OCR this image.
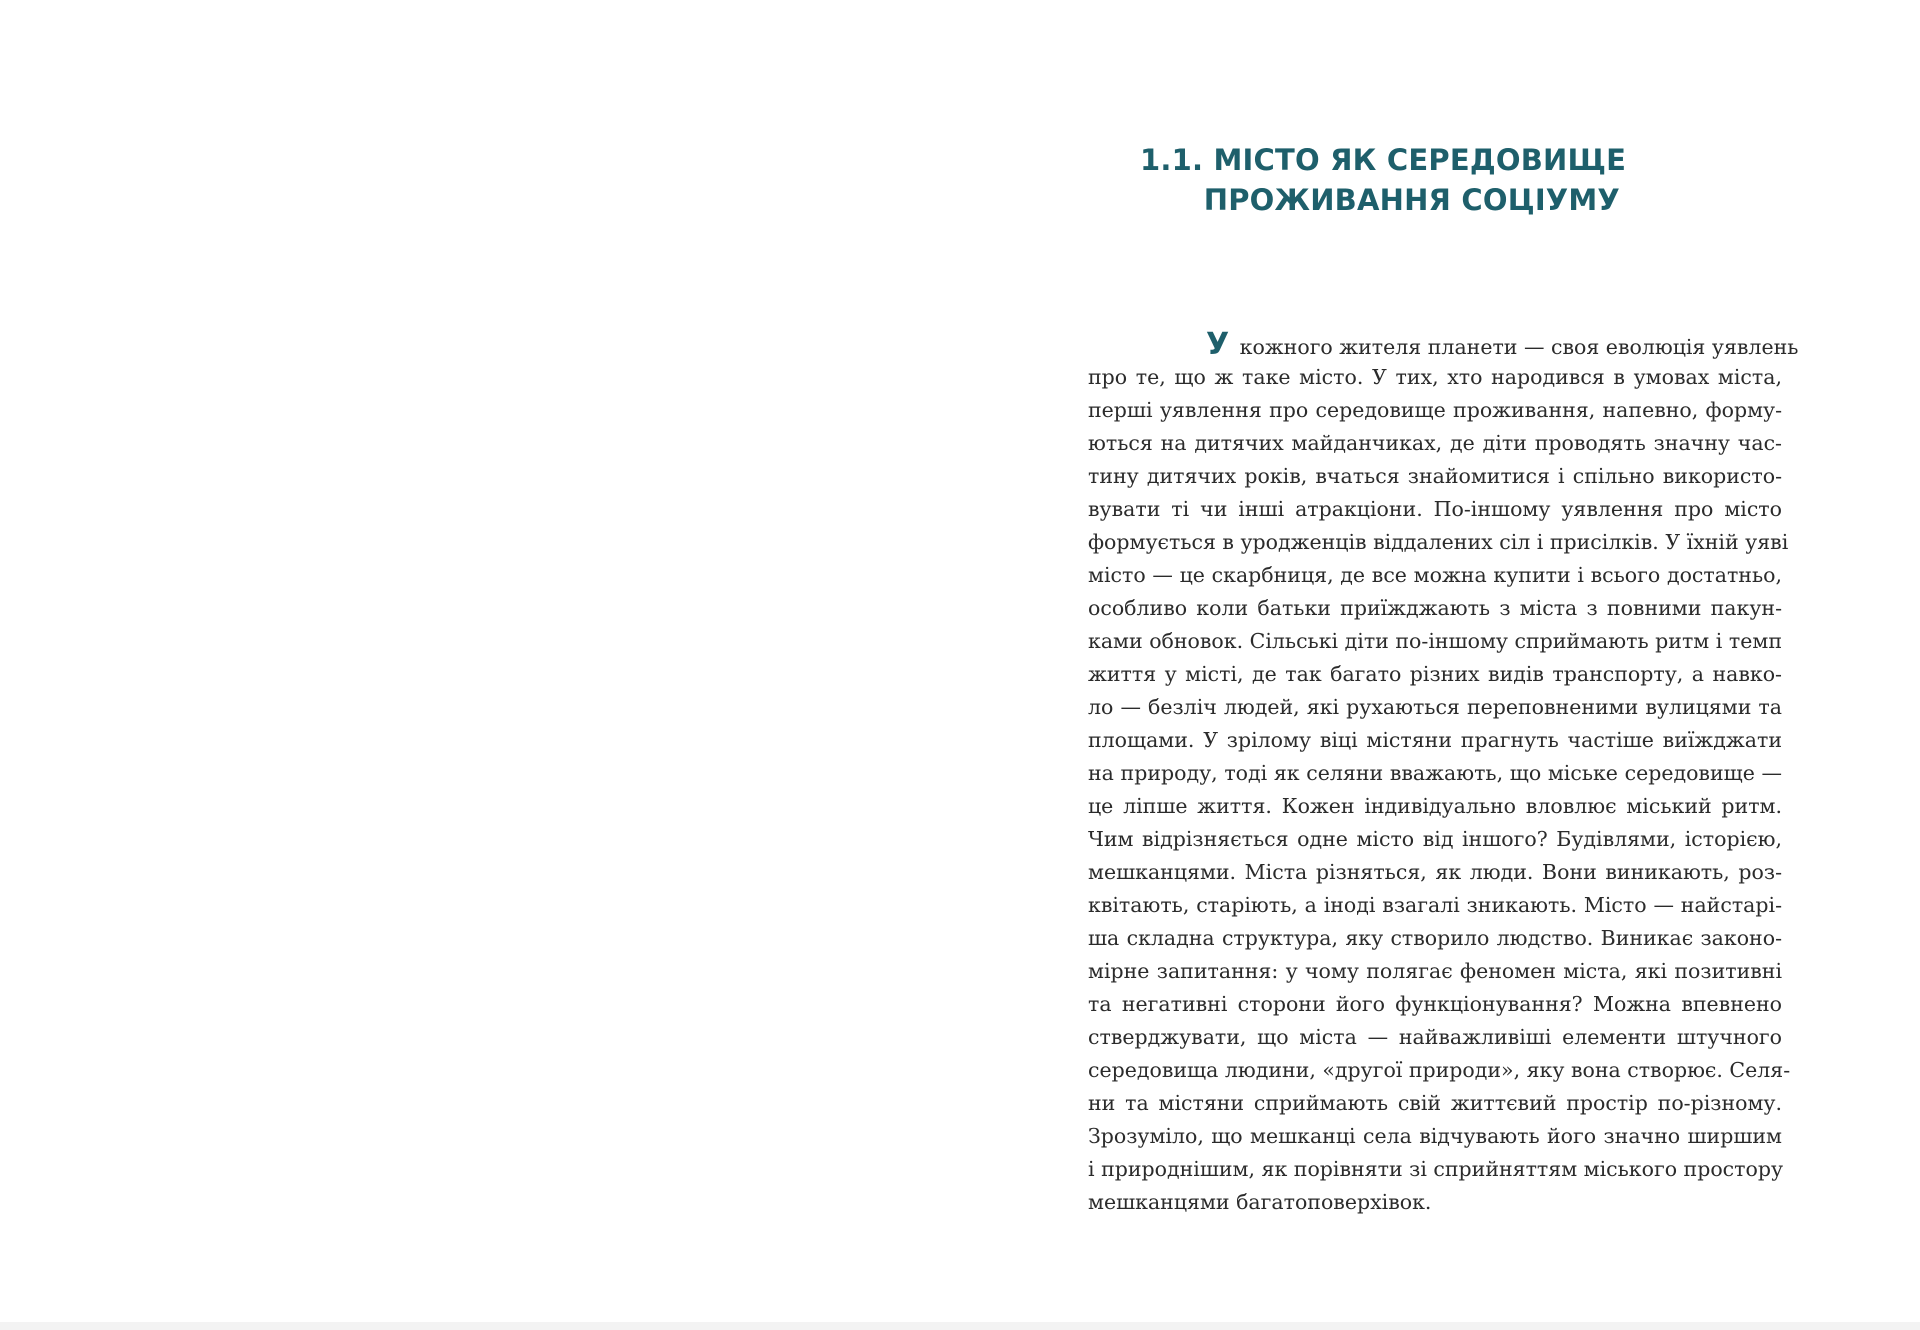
1.1. МІСТО ЯК СЕРЕДОВИЩЕ
ПРОЖИВАННЯ СОЦІУМУ
У кожного жителя планети — своя еволюція уявлень
про те, що ж таке місто. У тих, хто народився в умовах міста,
перші уявлення про середовище проживання, напевно, форму-
ються на дитячих майданчиках, де діти проводять значну час-
тину дитячих років, вчаться знайомитися і спільно використо-
вувати ті чи інші атракціони. По-іншому уявлення про місто
формується в уродженців віддалених сіл і присілків. У їхній уяві
місто — це скарбниця, де все можна купити і всього достатньо,
особливо коли батьки приїжджають з міста з повними пакун-
ками обновок. Сільські діти по-іншому сприймають ритм і темп
життя у місті, де так багато різних видів транспорту, а навко-
ло — безліч людей, які рухаються переповненими вулицями та
площами. У зрілому віці містяни прагнуть частіше виїжджати
на природу, тоді як селяни вважають, що міське середовище —
це ліпше життя. Кожен індивідуально вловлює міський ритм.
Чим відрізняється одне місто від іншого? Будівлями, історією,
мешканцями. Міста різняться, як люди. Вони виникають, роз-
квітають, старіють, а іноді взагалі зникають. Місто — найстарі-
ша складна структура, яку створило людство. Виникає законо-
мірне запитання: у чому полягає феномен міста, які позитивні
та негативні сторони його функціонування? Можна впевнено
стверджувати, що міста — найважливіші елементи штучного
середовища людини, «другої природи», яку вона створює. Селя-
ни та містяни сприймають свій життєвий простір по-різному.
Зрозуміло, що мешканці села відчувають його значно ширшим
і природнішим, як порівняти зі сприйняттям міського простору
мешканцями багатоповерхівок.
